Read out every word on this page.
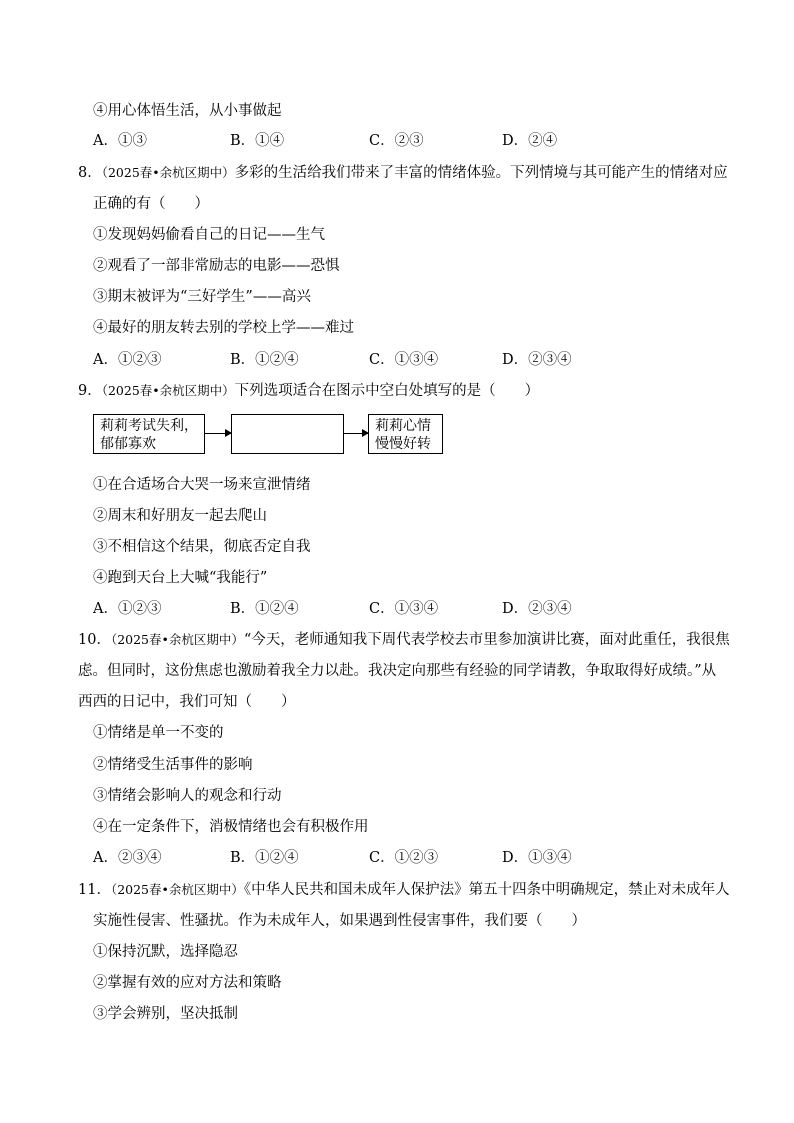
④用心体悟生活，从小事做起
A．①③	B．①④	C．②③	D．②④
8．（2025春•余杭区期中）多彩的生活给我们带来了丰富的情绪体验。下列情境与其可能产生的情绪对应
正确的有（　　）
①发现妈妈偷看自己的日记——生气
②观看了一部非常励志的电影——恐惧
③期末被评为“三好学生”——高兴
④最好的朋友转去别的学校上学——难过
A．①②③	B．①②④	C．①③④	D．②③④
9．（2025春•余杭区期中）下列选项适合在图示中空白处填写的是（　　）
莉莉考试失利，
郁郁寡欢
莉莉心情
慢慢好转
①在合适场合大哭一场来宣泄情绪
②周末和好朋友一起去爬山
③不相信这个结果，彻底否定自我
④跑到天台上大喊“我能行”
A．①②③	B．①②④	C．①③④	D．②③④
10．（2025春•余杭区期中）“今天，老师通知我下周代表学校去市里参加演讲比赛，面对此重任，我很焦
虑。但同时，这份焦虑也激励着我全力以赴。我决定向那些有经验的同学请教，争取取得好成绩。”从
西西的日记中，我们可知（　　）
①情绪是单一不变的
②情绪受生活事件的影响
③情绪会影响人的观念和行动
④在一定条件下，消极情绪也会有积极作用
A．②③④	B．①②④	C．①②③	D．①③④
11．（2025春•余杭区期中）《中华人民共和国未成年人保护法》第五十四条中明确规定，禁止对未成年人
实施性侵害、性骚扰。作为未成年人，如果遇到性侵害事件，我们要（　　）
①保持沉默，选择隐忍
②掌握有效的应对方法和策略
③学会辨别，坚决抵制
